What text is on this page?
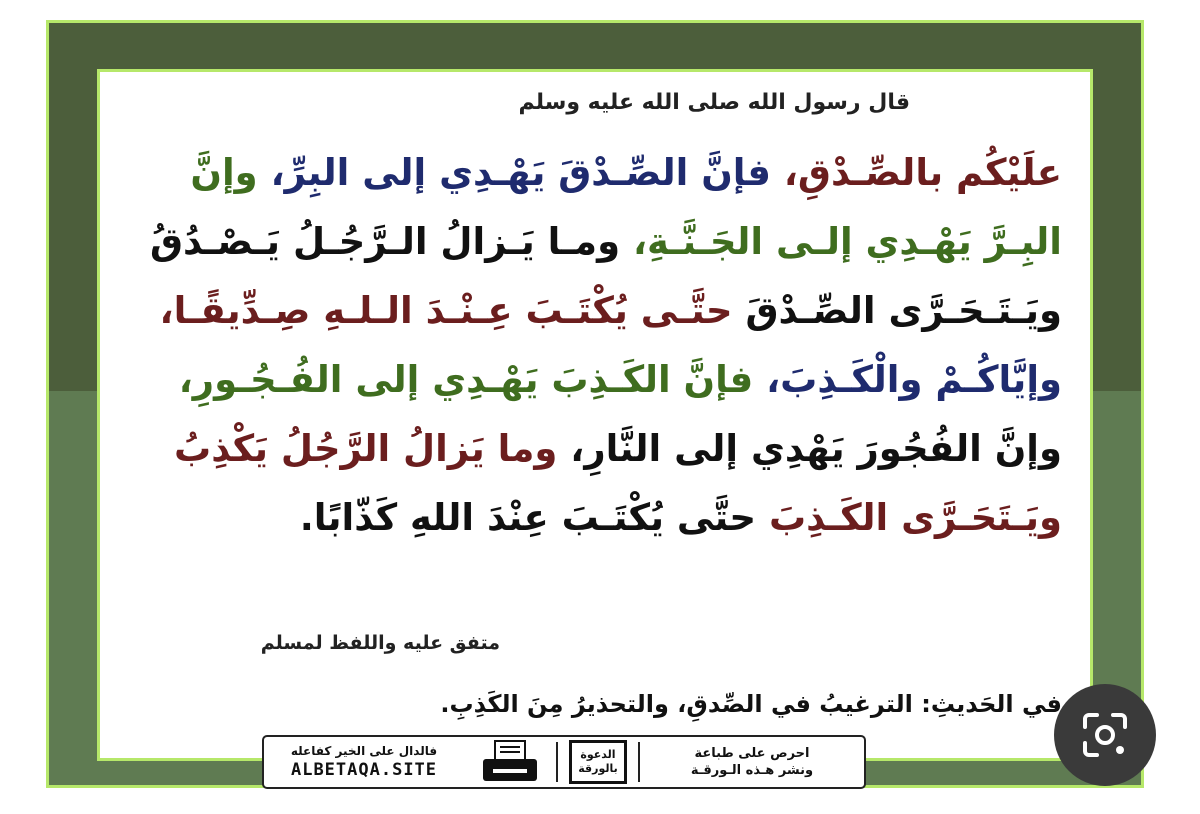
قال رسول الله صلى الله عليه وسلم
علَيْكُم بالصِّـدْقِ، فإنَّ الصِّـدْقَ يَهْـدِي إلى البِرِّ، وإنَّ
البِـرَّ يَهْـدِي إلـى الجَـنَّـةِ، ومـا يَـزالُ الـرَّجُـلُ يَـصْـدُقُ
ويَـتَـحَـرَّى الصِّـدْقَ حتَّـى يُكْتَـبَ عِـنْـدَ الـلـهِ صِـدِّيقًـا،
وإيَّاكُـمْ والْكَـذِبَ، فإنَّ الكَـذِبَ يَهْـدِي إلى الفُـجُـورِ،
وإنَّ الفُجُورَ يَهْدِي إلى النَّارِ، وما يَزالُ الرَّجُلُ يَكْذِبُ
ويَـتَحَـرَّى الكَـذِبَ حتَّى يُكْتَـبَ عِنْدَ اللهِ كَذّابًا.
متفق عليه واللفظ لمسلم
في الحَديثِ: الترغيبُ في الصِّدقِ، والتحذيرُ مِنَ الكَذِبِ.
فالدال على الخير كفاعله
ALBETAQA.SITE
الدعوة
بالورقة
احرص على طباعة
ونشر هـذه الـورقـة
